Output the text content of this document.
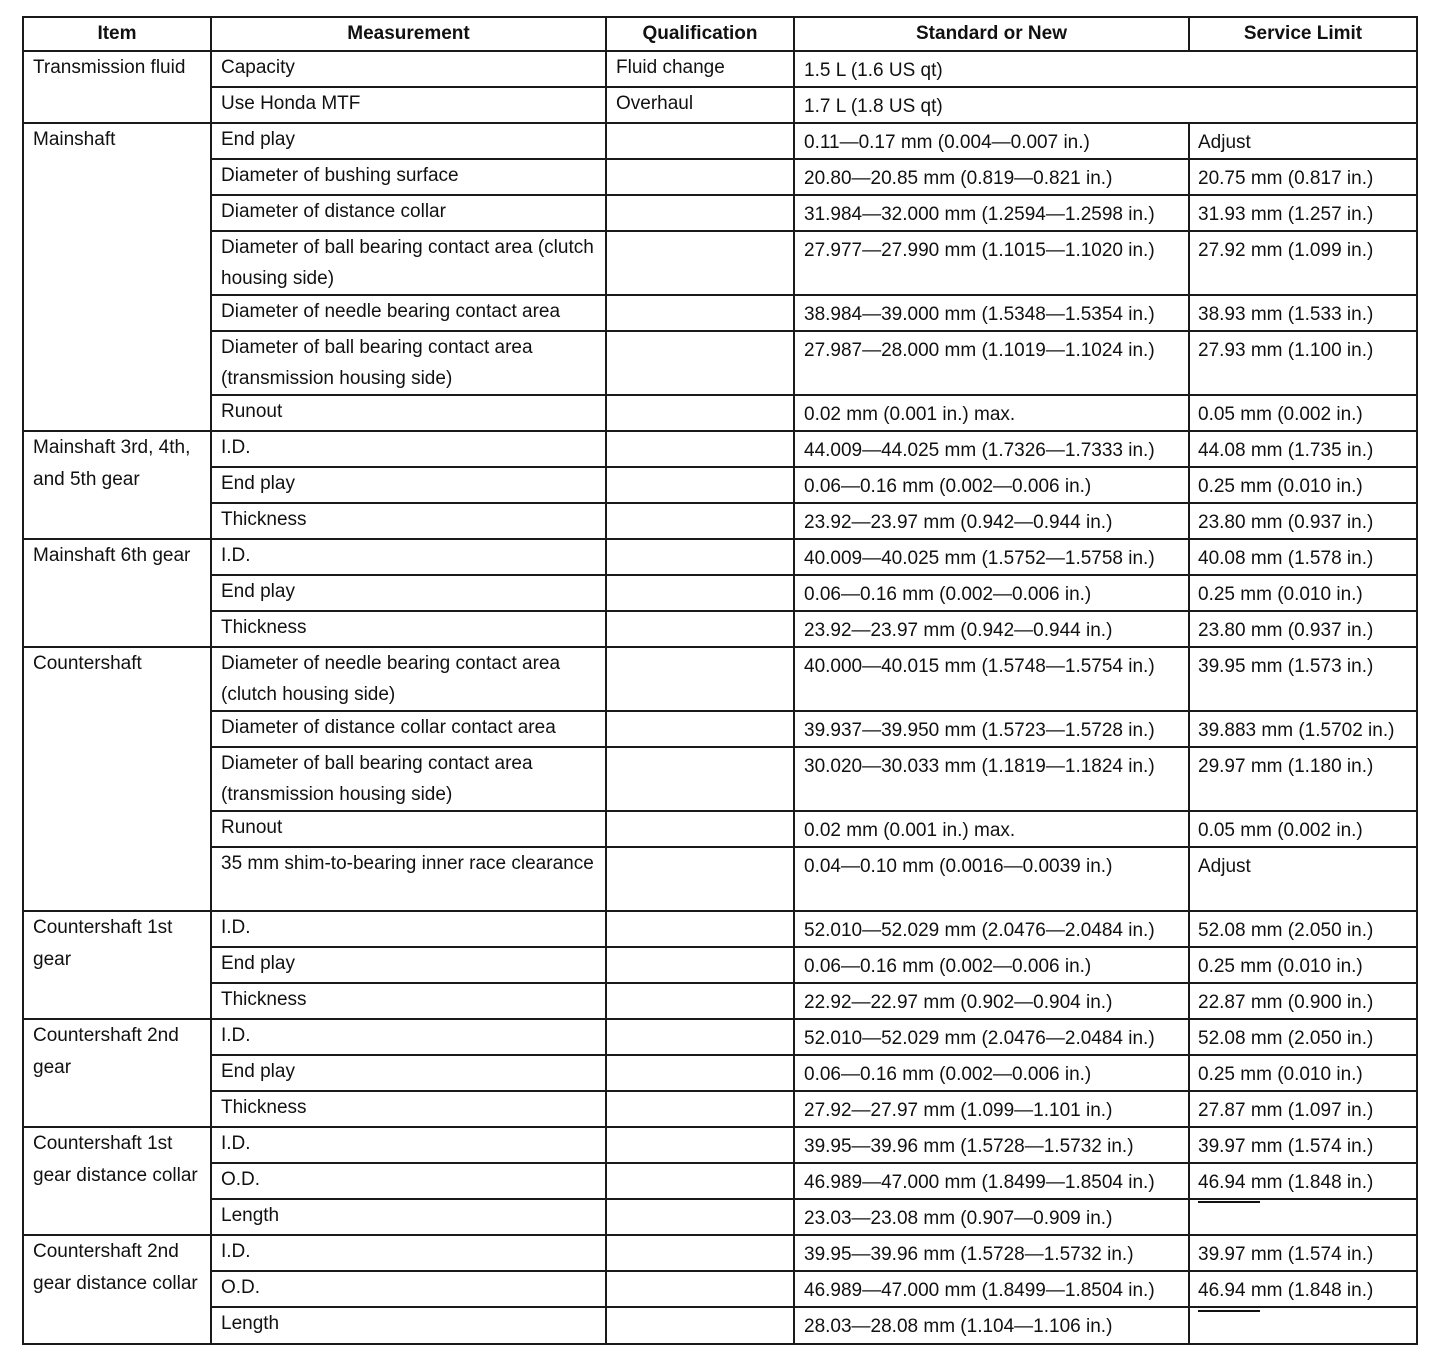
Item	Measurement	Qualification	Standard or New	Service Limit
Transmission fluid	Capacity	Fluid change	1.5 L (1.6 US qt)	
	Use Honda MTF	Overhaul	1.7 L (1.8 US qt)	
Mainshaft	End play		0.11—0.17 mm (0.004—0.007 in.)	Adjust
	Diameter of bushing surface		20.80—20.85 mm (0.819—0.821 in.)	20.75 mm (0.817 in.)
	Diameter of distance collar		31.984—32.000 mm (1.2594—1.2598 in.)	31.93 mm (1.257 in.)
	Diameter of ball bearing contact area (clutch housing side)		27.977—27.990 mm (1.1015—1.1020 in.)	27.92 mm (1.099 in.)
	Diameter of needle bearing contact area		38.984—39.000 mm (1.5348—1.5354 in.)	38.93 mm (1.533 in.)
	Diameter of ball bearing contact area (transmission housing side)		27.987—28.000 mm (1.1019—1.1024 in.)	27.93 mm (1.100 in.)
	Runout		0.02 mm (0.001 in.) max.	0.05 mm (0.002 in.)
Mainshaft 3rd, 4th, and 5th gear	I.D.		44.009—44.025 mm (1.7326—1.7333 in.)	44.08 mm (1.735 in.)
	End play		0.06—0.16 mm (0.002—0.006 in.)	0.25 mm (0.010 in.)
	Thickness		23.92—23.97 mm (0.942—0.944 in.)	23.80 mm (0.937 in.)
Mainshaft 6th gear	I.D.		40.009—40.025 mm (1.5752—1.5758 in.)	40.08 mm (1.578 in.)
	End play		0.06—0.16 mm (0.002—0.006 in.)	0.25 mm (0.010 in.)
	Thickness		23.92—23.97 mm (0.942—0.944 in.)	23.80 mm (0.937 in.)
Countershaft	Diameter of needle bearing contact area (clutch housing side)		40.000—40.015 mm (1.5748—1.5754 in.)	39.95 mm (1.573 in.)
	Diameter of distance collar contact area		39.937—39.950 mm (1.5723—1.5728 in.)	39.883 mm (1.5702 in.)
	Diameter of ball bearing contact area (transmission housing side)		30.020—30.033 mm (1.1819—1.1824 in.)	29.97 mm (1.180 in.)
	Runout		0.02 mm (0.001 in.) max.	0.05 mm (0.002 in.)
	35 mm shim-to-bearing inner race clearance		0.04—0.10 mm (0.0016—0.0039 in.)	Adjust
Countershaft 1st gear	I.D.		52.010—52.029 mm (2.0476—2.0484 in.)	52.08 mm (2.050 in.)
	End play		0.06—0.16 mm (0.002—0.006 in.)	0.25 mm (0.010 in.)
	Thickness		22.92—22.97 mm (0.902—0.904 in.)	22.87 mm (0.900 in.)
Countershaft 2nd gear	I.D.		52.010—52.029 mm (2.0476—2.0484 in.)	52.08 mm (2.050 in.)
	End play		0.06—0.16 mm (0.002—0.006 in.)	0.25 mm (0.010 in.)
	Thickness		27.92—27.97 mm (1.099—1.101 in.)	27.87 mm (1.097 in.)
Countershaft 1st gear distance collar	I.D.		39.95—39.96 mm (1.5728—1.5732 in.)	39.97 mm (1.574 in.)
	O.D.		46.989—47.000 mm (1.8499—1.8504 in.)	46.94 mm (1.848 in.)
	Length		23.03—23.08 mm (0.907—0.909 in.)	
Countershaft 2nd gear distance collar	I.D.		39.95—39.96 mm (1.5728—1.5732 in.)	39.97 mm (1.574 in.)
	O.D.		46.989—47.000 mm (1.8499—1.8504 in.)	46.94 mm (1.848 in.)
	Length		28.03—28.08 mm (1.104—1.106 in.)	
